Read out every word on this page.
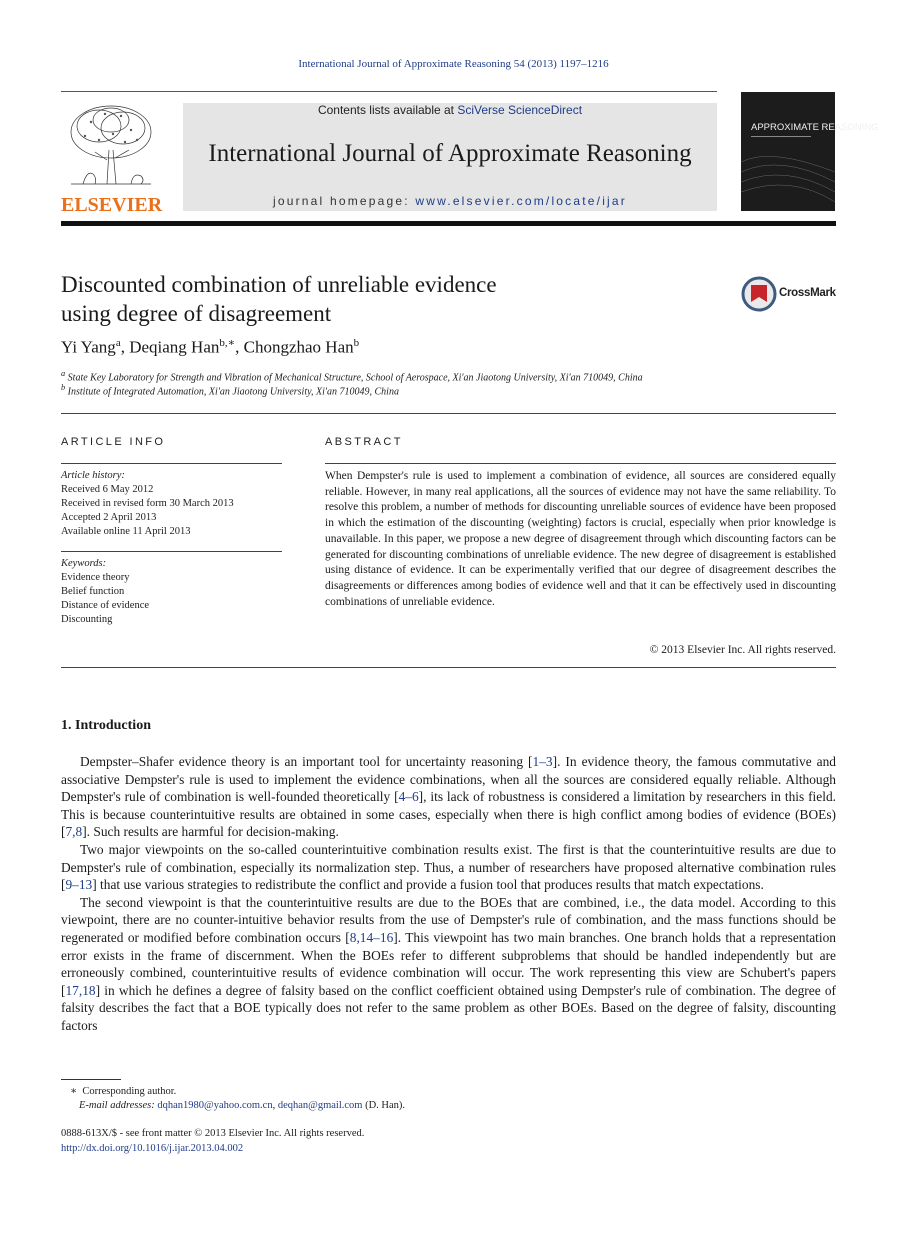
International Journal of Approximate Reasoning 54 (2013) 1197–1216
ELSEVIER
Contents lists available at SciVerse ScienceDirect
International Journal of Approximate Reasoning
journal homepage: www.elsevier.com/locate/ijar
APPROXIMATE REASONING
Discounted combination of unreliable evidence
using degree of disagreement
CrossMark
Yi Yang$^a$, Deqiang Han$^{b,∗}$, Chongzhao Han$^b$
$^a$ State Key Laboratory for Strength and Vibration of Mechanical Structure, School of Aerospace, Xi'an Jiaotong University, Xi'an 710049, China
$^b$ Institute of Integrated Automation, Xi'an Jiaotong University, Xi'an 710049, China
ARTICLE INFO
Article history:
Received 6 May 2012
Received in revised form 30 March 2013
Accepted 2 April 2013
Available online 11 April 2013
Keywords:
Evidence theory
Belief function
Distance of evidence
Discounting
ABSTRACT
When Dempster's rule is used to implement a combination of evidence, all sources are considered equally reliable. However, in many real applications, all the sources of evidence may not have the same reliability. To resolve this problem, a number of methods for discounting unreliable sources of evidence have been proposed in which the estimation of the discounting (weighting) factors is crucial, especially when prior knowledge is unavailable. In this paper, we propose a new degree of disagreement through which discounting factors can be generated for discounting combinations of unreliable evidence. The new degree of disagreement is established using distance of evidence. It can be experimentally verified that our degree of disagreement describes the disagreements or differences among bodies of evidence well and that it can be effectively used in discounting combinations of unreliable evidence.
© 2013 Elsevier Inc. All rights reserved.
1. Introduction

Dempster–Shafer evidence theory is an important tool for uncertainty reasoning [1–3]. In evidence theory, the famous commutative and associative Dempster's rule is used to implement the evidence combinations, when all the sources are considered equally reliable. Although Dempster's rule of combination is well-founded theoretically [4–6], its lack of robustness is considered a limitation by researchers in this field. This is because counterintuitive results are obtained in some cases, especially when there is high conflict among bodies of evidence (BOEs) [7,8]. Such results are harmful for decision-making.

Two major viewpoints on the so-called counterintuitive combination results exist. The first is that the counterintuitive results are due to Dempster's rule of combination, especially its normalization step. Thus, a number of researchers have proposed alternative combination rules [9–13] that use various strategies to redistribute the conflict and provide a fusion tool that produces results that match expectations.

The second viewpoint is that the counterintuitive results are due to the BOEs that are combined, i.e., the data model. According to this viewpoint, there are no counter-intuitive behavior results from the use of Dempster's rule of combination, and the mass functions should be regenerated or modified before combination occurs [8,14–16]. This viewpoint has two main branches. One branch holds that a representation error exists in the frame of discernment. When the BOEs refer to different subproblems that should be handled independently but are erroneously combined, counterintuitive results of evidence combination will occur. The work representing this view are Schubert's papers [17,18] in which he defines a degree of falsity based on the conflict coefficient obtained using Dempster's rule of combination. The degree of falsity describes the fact that a BOE typically does not refer to the same problem as other BOEs. Based on the degree of falsity, discounting factors

∗ Corresponding author.
E-mail addresses: dqhan1980@yahoo.com.cn, deqhan@gmail.com (D. Han).
0888-613X/$ - see front matter © 2013 Elsevier Inc. All rights reserved.
http://dx.doi.org/10.1016/j.ijar.2013.04.002
